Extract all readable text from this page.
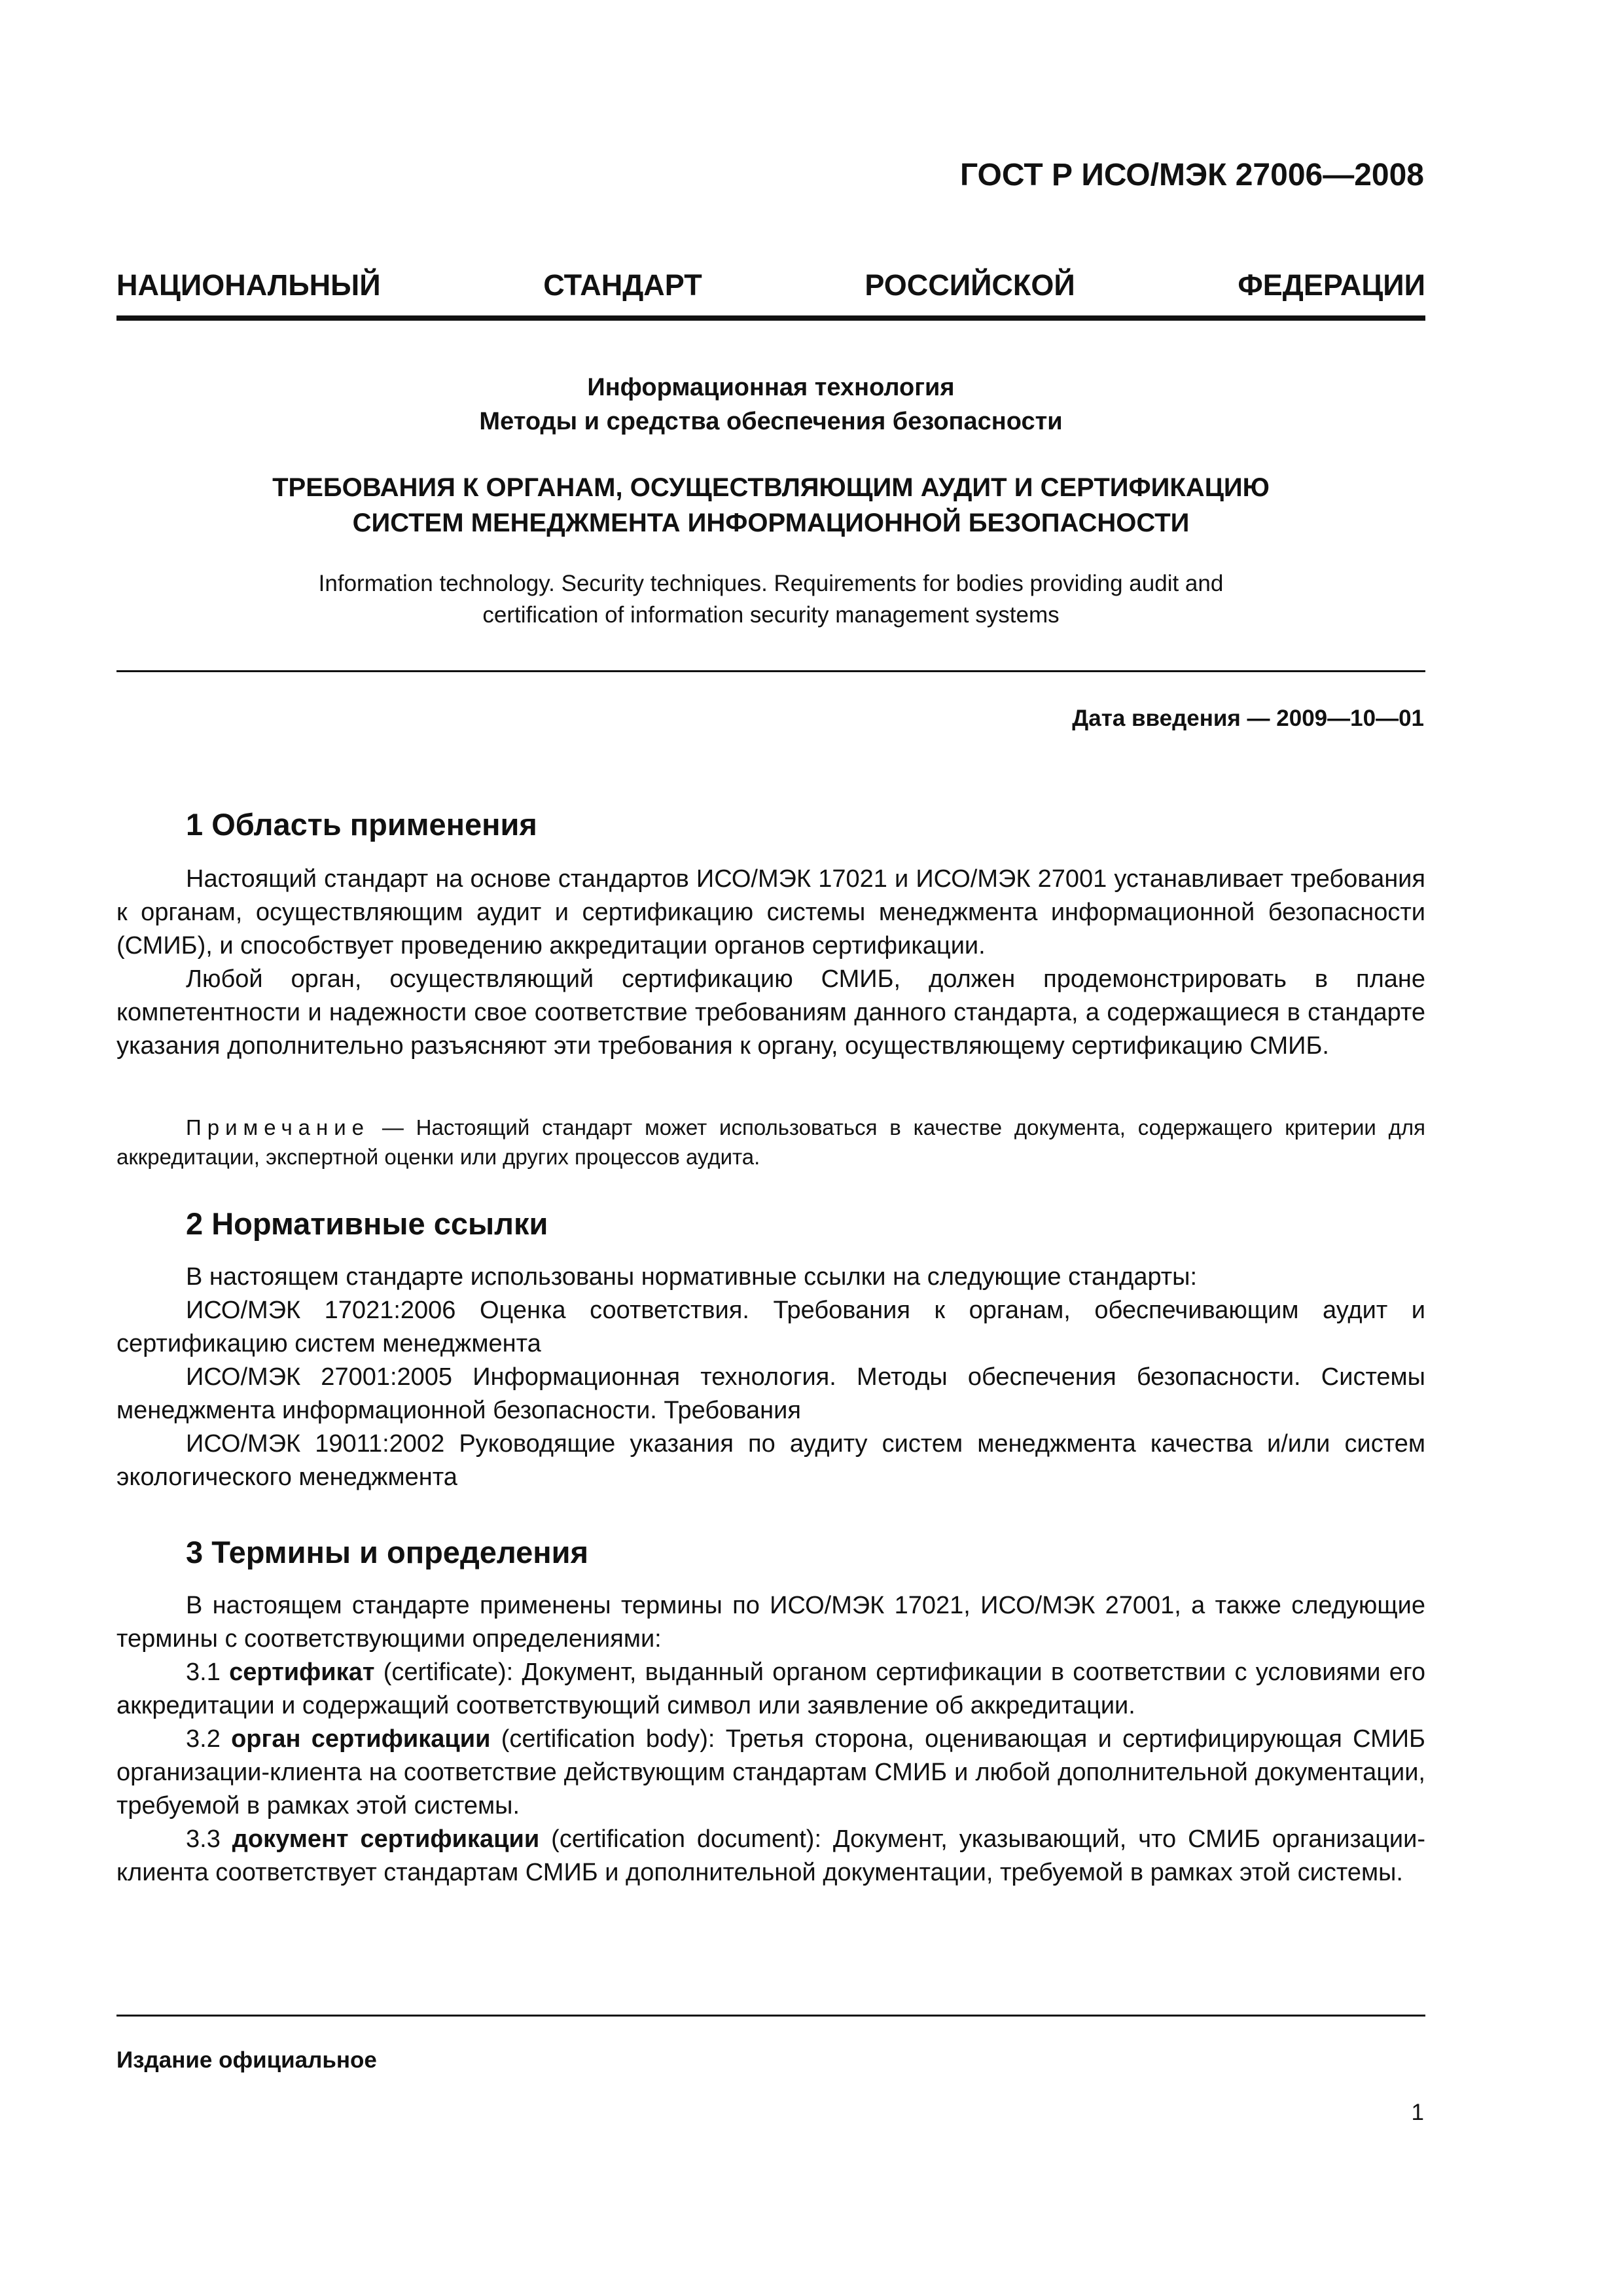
ГОСТ Р ИСО/МЭК 27006—2008
НАЦИОНАЛЬНЫЙ СТАНДАРТ РОССИЙСКОЙ ФЕДЕРАЦИИ
Информационная технология
Методы и средства обеспечения безопасности
ТРЕБОВАНИЯ К ОРГАНАМ, ОСУЩЕСТВЛЯЮЩИМ АУДИТ И СЕРТИФИКАЦИЮ
СИСТЕМ МЕНЕДЖМЕНТА ИНФОРМАЦИОННОЙ БЕЗОПАСНОСТИ
Information technology. Security techniques. Requirements for bodies providing audit and
certification of information security management systems
Дата введения — 2009—10—01
1 Область применения

Настоящий стандарт на основе стандартов ИСО/МЭК 17021 и ИСО/МЭК 27001 устанавливает требования к органам, осуществляющим аудит и сертификацию системы менеджмента информационной безопасности (СМИБ), и способствует проведению аккредитации органов сертификации.

Любой орган, осуществляющий сертификацию СМИБ, должен продемонстрировать в плане компетентности и надежности свое соответствие требованиям данного стандарта, а содержащиеся в стандарте указания дополнительно разъясняют эти требования к органу, осуществляющему сертификацию СМИБ.

Примечание — Настоящий стандарт может использоваться в качестве документа, содержащего критерии для аккредитации, экспертной оценки или других процессов аудита.

2 Нормативные ссылки

В настоящем стандарте использованы нормативные ссылки на следующие стандарты:

ИСО/МЭК 17021:2006 Оценка соответствия. Требования к органам, обеспечивающим аудит и сертификацию систем менеджмента

ИСО/МЭК 27001:2005 Информационная технология. Методы обеспечения безопасности. Системы менеджмента информационной безопасности. Требования

ИСО/МЭК 19011:2002 Руководящие указания по аудиту систем менеджмента качества и/или систем экологического менеджмента

3 Термины и определения

В настоящем стандарте применены термины по ИСО/МЭК 17021, ИСО/МЭК 27001, а также следующие термины с соответствующими определениями:

3.1 сертификат (certificate): Документ, выданный органом сертификации в соответствии с условиями его аккредитации и содержащий соответствующий символ или заявление об аккредитации.

3.2 орган сертификации (certification body): Третья сторона, оценивающая и сертифицирующая СМИБ организации-клиента на соответствие действующим стандартам СМИБ и любой дополнительной документации, требуемой в рамках этой системы.

3.3 документ сертификации (certification document): Документ, указывающий, что СМИБ организации-клиента соответствует стандартам СМИБ и дополнительной документации, требуемой в рамках этой системы.

Издание официальное
1
